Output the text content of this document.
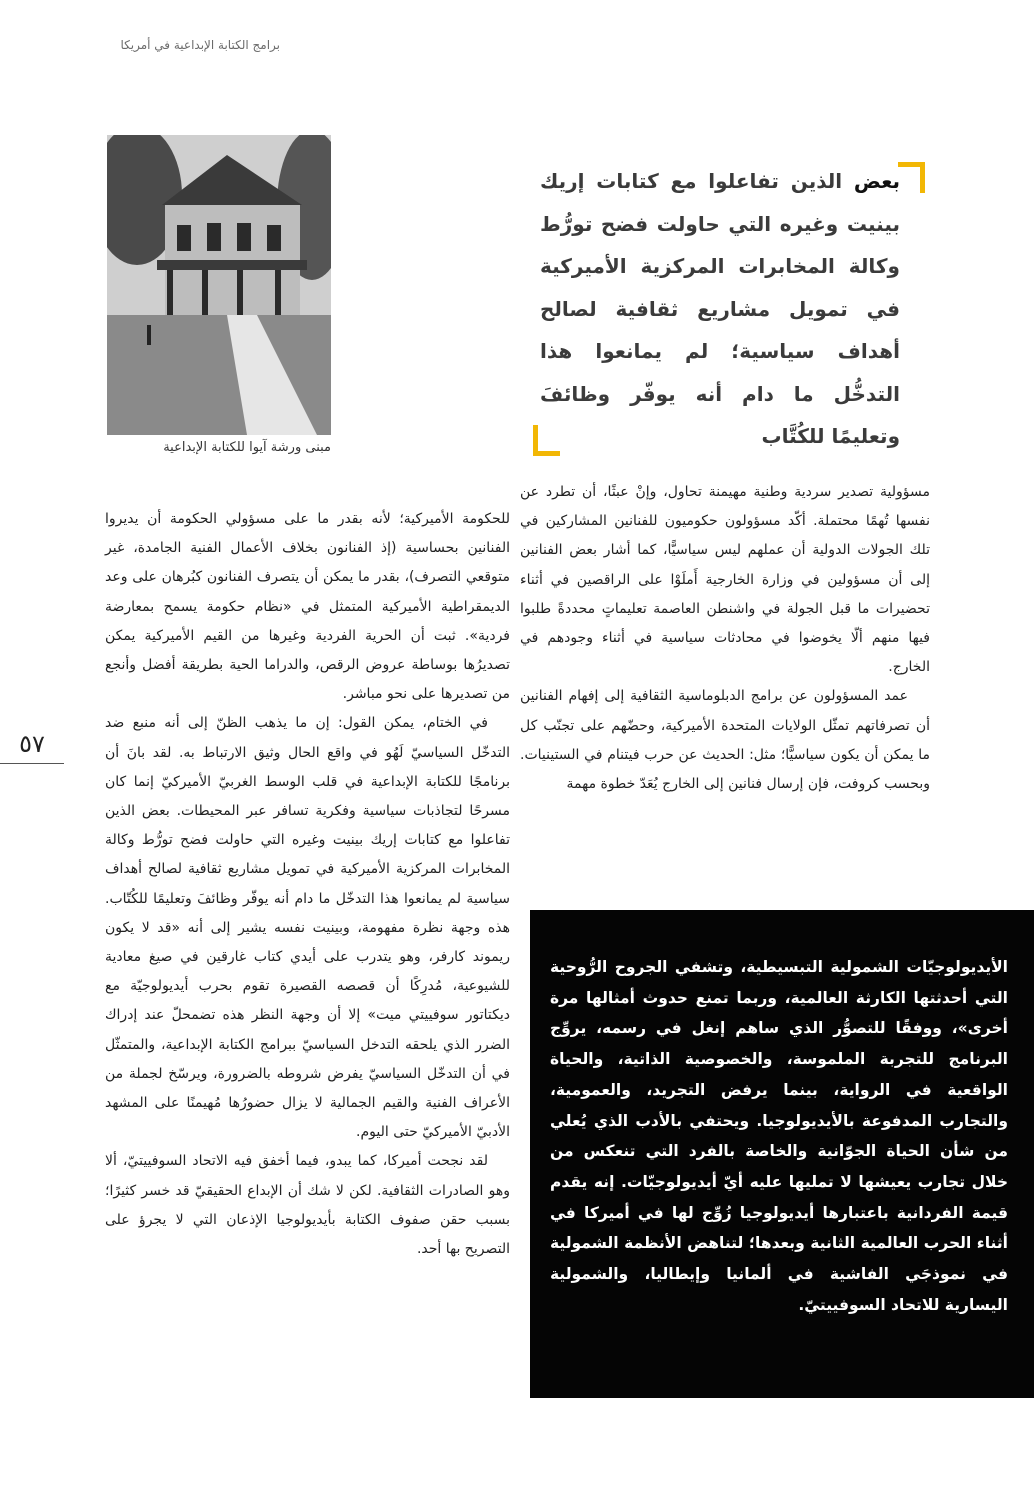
برامج الكتابة الإبداعية في أمريكا
مبنى ورشة آيوا للكتابة الإبداعية
بعض الذين تفاعلوا مع كتابات إريك بينيت وغيره التي حاولت فضح تورُّط وكالة المخابرات المركزية الأميركية في تمويل مشاريع ثقافية لصالح أهداف سياسية؛ لم يمانعوا هذا التدخُّل ما دام أنه يوفّر وظائفَ وتعليمًا للكُتَّاب

مسؤولية تصدير سردية وطنية مهيمنة تحاول، وإنْ عبثًا، أن تطرد عن نفسها تُهمًا محتملة. أكّد مسؤولون حكوميون للفنانين المشاركين في تلك الجولات الدولية أن عملهم ليس سياسيًّا، كما أشار بعض الفنانين إلى أن مسؤولين في وزارة الخارجية أَملَوْا على الراقصين في أثناء تحضيرات ما قبل الجولة في واشنطن العاصمة تعليماتٍ محددةً طلبوا فيها منهم ألّا يخوضوا في محادثات سياسية في أثناء وجودهم في الخارج.

عمد المسؤولون عن برامج الدبلوماسية الثقافية إلى إفهام الفنانين أن تصرفاتهم تمثّل الولايات المتحدة الأميركية، وحضّهم على تجنّب كل ما يمكن أن يكون سياسيًّا؛ مثل: الحديث عن حرب فيتنام في الستينيات. وبحسب كروفت، فإن إرسال فنانين إلى الخارج يُعَدّ خطوة مهمة

للحكومة الأميركية؛ لأنه بقدر ما على مسؤولي الحكومة أن يديروا الفنانين بحساسية (إذ الفنانون بخلاف الأعمال الفنية الجامدة، غير متوقعي التصرف)، بقدر ما يمكن أن يتصرف الفنانون كبُرهان على وعد الديمقراطية الأميركية المتمثل في «نظام حكومة يسمح بمعارضة فردية». ثبت أن الحرية الفردية وغيرها من القيم الأميركية يمكن تصديرُها بوساطة عروض الرقص، والدراما الحية بطريقة أفضل وأنجع من تصديرها على نحو مباشر.

في الختام، يمكن القول: إن ما يذهب الظنّ إلى أنه منبع ضد التدخّل السياسيّ لَهُو في واقع الحال وثيق الارتباط به. لقد بانَ أن برنامجًا للكتابة الإبداعية في قلب الوسط الغربيّ الأميركيّ إنما كان مسرحًا لتجاذبات سياسية وفكرية تسافر عبر المحيطات. بعض الذين تفاعلوا مع كتابات إريك بينيت وغيره التي حاولت فضح تورُّط وكالة المخابرات المركزية الأميركية في تمويل مشاريع ثقافية لصالح أهداف سياسية لم يمانعوا هذا التدخّل ما دام أنه يوفّر وظائفَ وتعليمًا للكُتّاب. هذه وجهة نظرة مفهومة، وبينيت نفسه يشير إلى أنه «قد لا يكون ريموند كارفر، وهو يتدرب على أيدي كتاب غارقين في صيغ معادية للشيوعية، مُدرِكًا أن قصصه القصيرة تقوم بحرب أيديولوجيّة مع ديكتاتور سوفييتي ميت» إلا أن وجهة النظر هذه تضمحلّ عند إدراك الضرر الذي يلحقه التدخل السياسيّ ببرامج الكتابة الإبداعية، والمتمثّل في أن التدخّل السياسيّ يفرض شروطه بالضرورة، ويرسّخ لجملة من الأعراف الفنية والقيم الجمالية لا يزال حضورُها مُهيمنًا على المشهد الأدبيّ الأميركيّ حتى اليوم.

لقد نجحت أميركا، كما يبدو، فيما أخفق فيه الاتحاد السوفييتيّ، ألا وهو الصادرات الثقافية. لكن لا شك أن الإبداع الحقيقيّ قد خسر كثيرًا؛ بسبب حقن صفوف الكتابة بأيديولوجيا الإذعان التي لا يجرؤ على التصريح بها أحد.

٥٧
الأيديولوجيّات الشمولية التبسيطية، وتشفي الجروح الرُّوحية التي أحدثتها الكارثة العالمية، وربما تمنع حدوث أمثالها مرة أخرى»، ووفقًا للتصوُّر الذي ساهم إنغل في رسمه، يروِّج البرنامج للتجربة الملموسة، والخصوصية الذاتية، والحياة الواقعية في الرواية، بينما يرفض التجريد، والعمومية، والتجارب المدفوعة بالأيديولوجيا. ويحتفي بالأدب الذي يُعلي من شأن الحياة الجوّانية والخاصة بالفرد التي تنعكس من خلال تجارب يعيشها لا تمليها عليه أيّ أيديولوجيّات. إنه يقدم قيمة الفردانية باعتبارها أيديولوجيا زُوِّج لها في أميركا في أثناء الحرب العالمية الثانية وبعدها؛ لتناهض الأنظمة الشمولية في نموذجَي الفاشية في ألمانيا وإيطاليا، والشمولية اليسارية للاتحاد السوفييتيّ.
